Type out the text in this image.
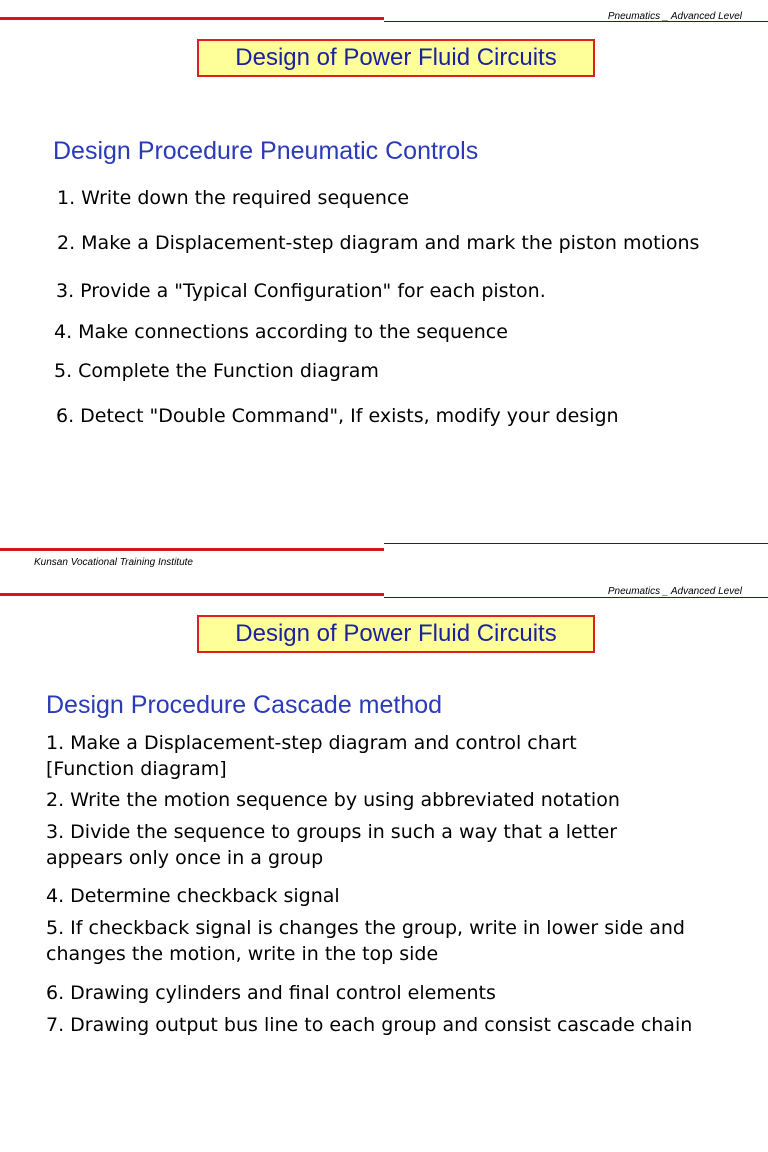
Pneumatics _ Advanced Level
Design of Power Fluid Circuits
Design Procedure Pneumatic Controls
1. Write down the required sequence
2. Make a Displacement-step diagram and mark the piston motions
3. Provide a "Typical Configuration" for each piston.
4. Make connections according to the sequence
5. Complete the Function diagram
6. Detect "Double Command", If exists, modify your design
Kunsan Vocational Training Institute
Pneumatics _ Advanced Level
Design of Power Fluid Circuits
Design Procedure Cascade method
1. Make a Displacement-step diagram and control chart
[Function diagram]
2. Write the motion sequence by using abbreviated notation
3. Divide the sequence to groups in such a way that a letter
appears only once in a group
4. Determine checkback signal
5. If checkback signal is changes the group, write in lower side and
changes the motion, write in the top side
6. Drawing cylinders and final control elements
7. Drawing output bus line to each group and consist cascade chain
